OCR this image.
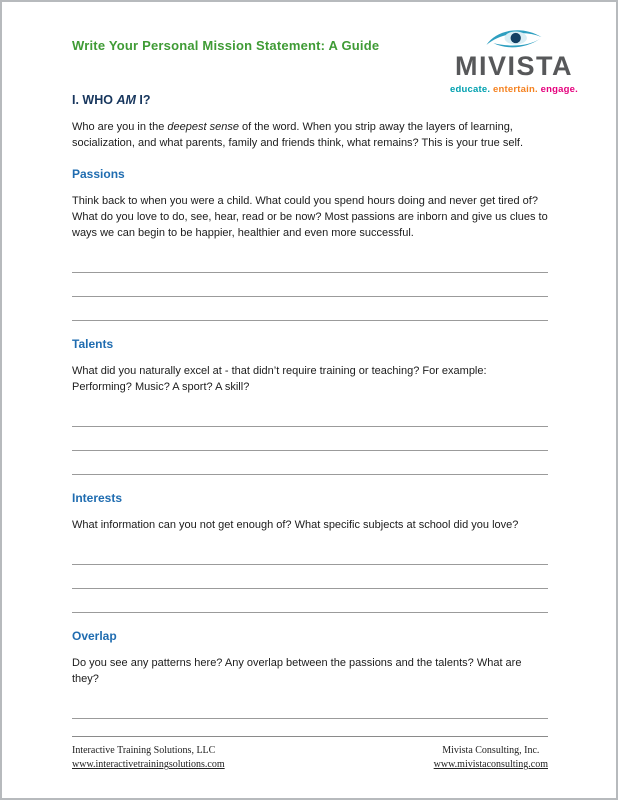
Write Your Personal Mission Statement: A Guide
MIVISTA
educate. entertain. engage.
I. WHO AM I?

Who are you in the deepest sense of the word. When you strip away the layers of learning, socialization, and what parents, family and friends think, what remains? This is your true self.

Passions

Think back to when you were a child. What could you spend hours doing and never get tired of? What do you love to do, see, hear, read or be now? Most passions are inborn and give us clues to ways we can begin to be happier, healthier and even more successful.

Talents

What did you naturally excel at - that didn’t require training or teaching? For example: Performing? Music? A sport? A skill?

Interests

What information can you not get enough of? What specific subjects at school did you love?

Overlap

Do you see any patterns here? Any overlap between the passions and the talents? What are they?

Interactive Training Solutions, LLC
www.interactivetrainingsolutions.com
Mivista Consulting, Inc.
www.mivistaconsulting.com
